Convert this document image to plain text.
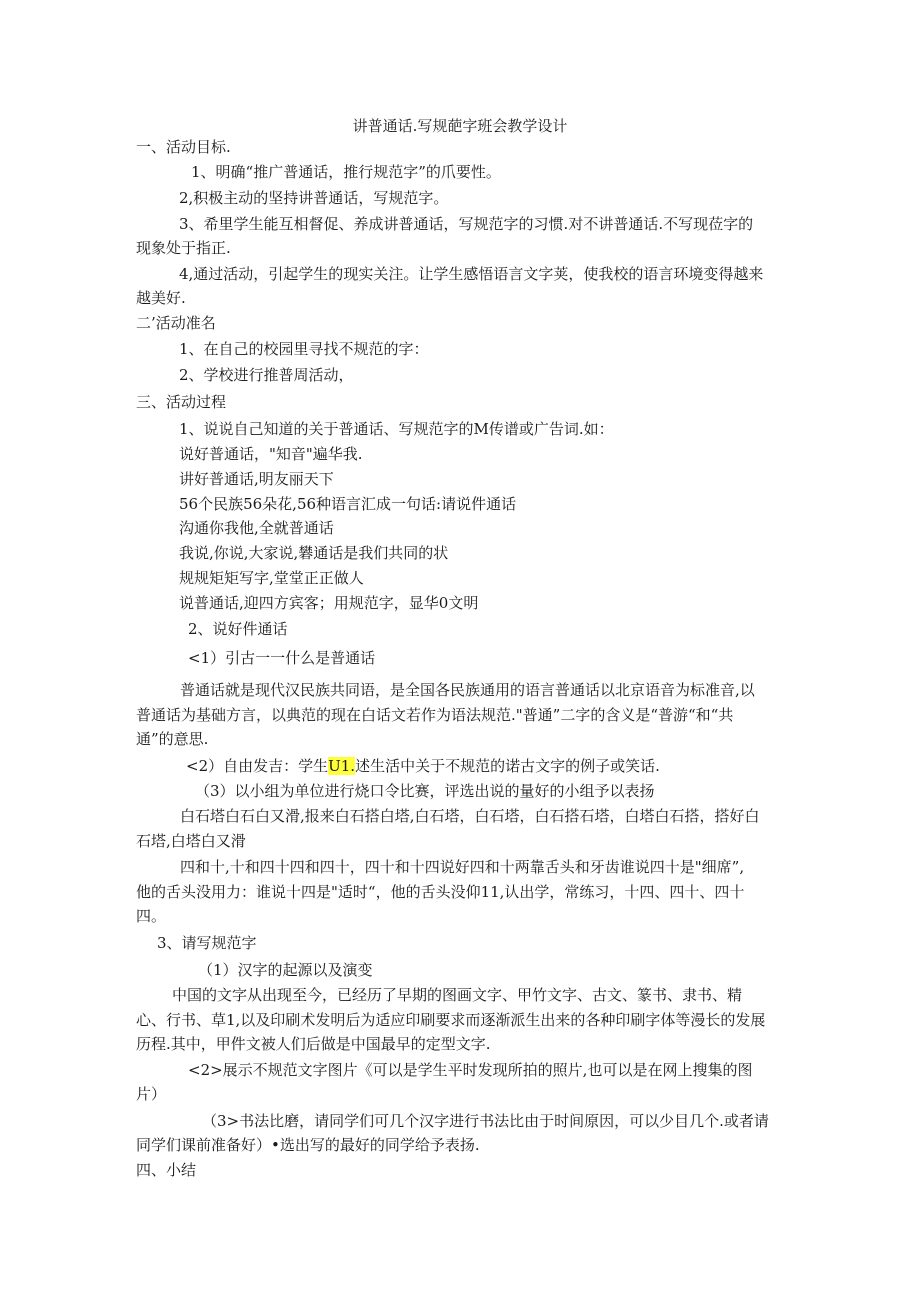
讲普通话.写规葩字班会教学设计
一、活动目标.
1、明确“推广普通话，推行规范字”的爪要性。
2,积极主动的坚持讲普通话，写规范字。
3、希里学生能互相督促、养成讲普通话，写规范字的习惯.对不讲普通话.不写现莅字的
现象处于指正.
4,通过活动，引起学生的现实关注。让学生感悟语言文字荚，使我校的语言环境变得越来
越美好.
二’活动准名
1、在自己的校园里寻找不规范的字：
2、学校进行推普周活动，
三、活动过程
1、说说自己知道的关于普通话、写规范字的M传谱或广告词.如：
说好普通话，"知音"遍华我.
讲好普通话,明友丽天下
56个民族56朵花,56种语言汇成一句话:请说件通话
沟通你我他,全就普通话
我说,你说,大家说,礬通话是我们共同的状
规规矩矩写字,堂堂正正做人
说普通话,迎四方宾客；用规范字，显华0文明
2、说好件通话
<1）引古一一什么是普通话
普通话就是现代汉民族共同语，是全国各民族通用的语言普通话以北京语音为标准音,以
普通话为基础方言，以典范的现在白话文若作为语法规范."普通”二字的含义是“普游“和“共
通”的意思.
<2）自由发吉：学生U1.述生活中关于不规范的诺古文字的例子或笑话.
（3）以小组为单位进行烧口令比赛，评选出说的量好的小组予以表扬
白石塔白石白又滑,报来白石搭白塔,白石塔，白石塔，白石搭石塔，白塔白石搭，搭好白
石塔,白塔白又滑
四和十,十和四十四和四十，四十和十四说好四和十两靠舌头和牙齿谁说四十是"细席”,
他的舌头没用力：谁说十四是"适时“，他的舌头没仰11,认出学，常练习，十四、四十、四十
四。
3、请写规范字
（1）汉字的起源以及演变
中国的文字从出现至今，已经历了早期的图画文字、甲竹文字、古文、篆书、隶书、精
心、行书、草1,以及印刷术发明后为适应印刷要求而逐渐派生出来的各种印刷字体等漫长的发展
历程.其中，甲件文被人们后做是中国最早的定型文字.
<2>展示不规范文字图片《可以是学生平时发现所拍的照片,也可以是在网上搜集的图
片）
（3>书法比磨，请同学们可几个汉字进行书法比由于时间原因，可以少目几个.或者请
同学们课前准备好）•选出写的最好的同学给予表扬.
四、小结
